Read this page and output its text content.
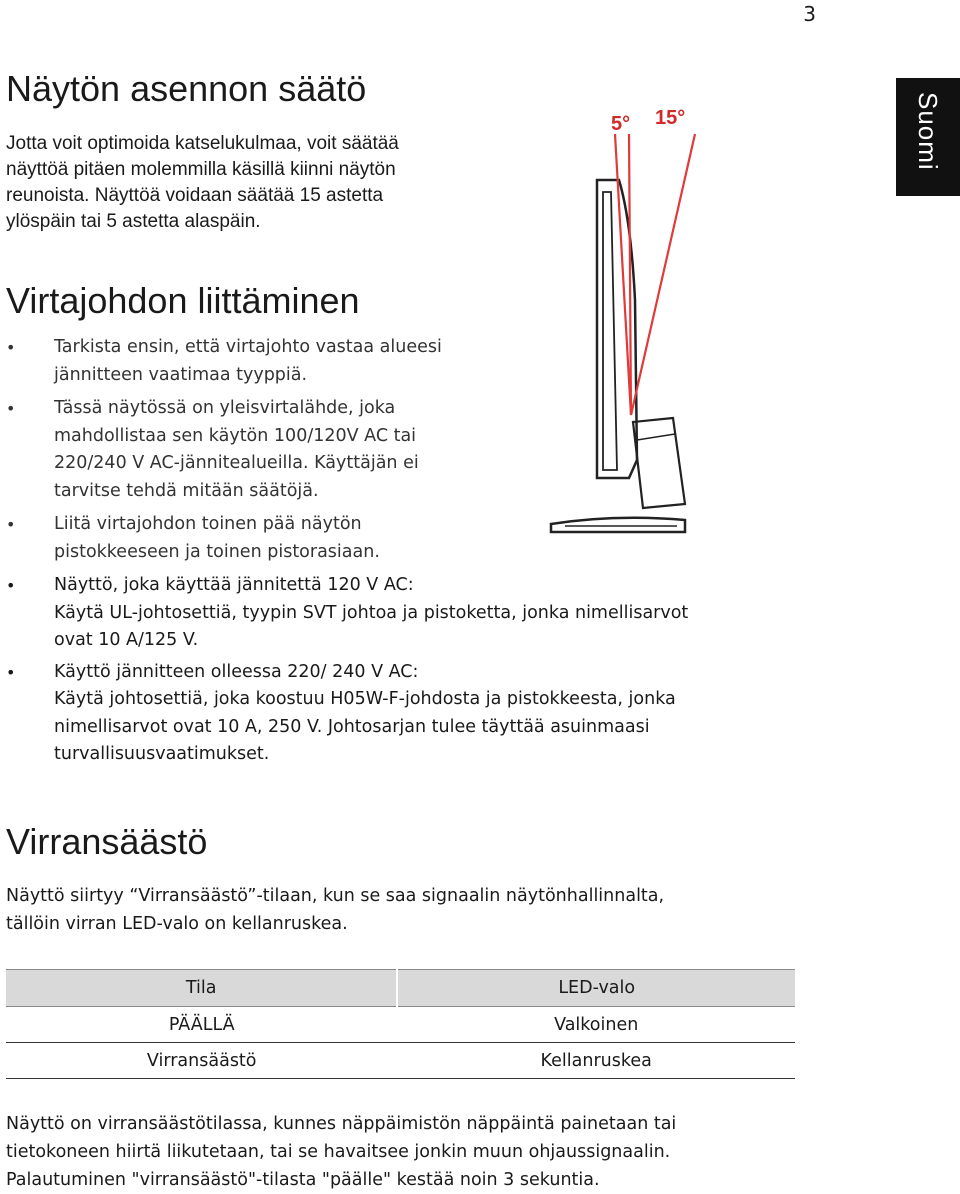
3
Suomi
Näytön asennon säätö

Jotta voit optimoida katselukulmaa, voit säätää
näyttöä pitäen molemmilla käsillä kiinni näytön
reunoista. Näyttöä voidaan säätää 15 astetta
ylöspäin tai 5 astetta alaspäin.

5° 15°
Virtajohdon liittäminen
• Tarkista ensin, että virtajohto vastaa alueesi
jännitteen vaatimaa tyyppiä.
• Tässä näytössä on yleisvirtalähde, joka
mahdollistaa sen käytön 100/120V AC tai
220/240 V AC-jännitealueilla. Käyttäjän ei
tarvitse tehdä mitään säätöjä.
• Liitä virtajohdon toinen pää näytön
pistokkeeseen ja toinen pistorasiaan.
• Näyttö, joka käyttää jännitettä 120 V AC:
Käytä UL-johtosettiä, tyypin SVT johtoa ja pistoketta, jonka nimellisarvot
ovat 10 A/125 V.
• Käyttö jännitteen olleessa 220/ 240 V AC:
Käytä johtosettiä, joka koostuu H05W-F-johdosta ja pistokkeesta, jonka
nimellisarvot ovat 10 A, 250 V. Johtosarjan tulee täyttää asuinmaasi
turvallisuusvaatimukset.
Virransäästö

Näyttö siirtyy “Virransäästö”-tilaan, kun se saa signaalin näytönhallinnalta,
tällöin virran LED-valo on kellanruskea.

Tila	LED-valo
PÄÄLLÄ	Valkoinen
Virransäästö	Kellanruskea

Näyttö on virransäästötilassa, kunnes näppäimistön näppäintä painetaan tai
tietokoneen hiirtä liikutetaan, tai se havaitsee jonkin muun ohjaussignaalin.
Palautuminen "virransäästö"-tilasta "päälle" kestää noin 3 sekuntia.
